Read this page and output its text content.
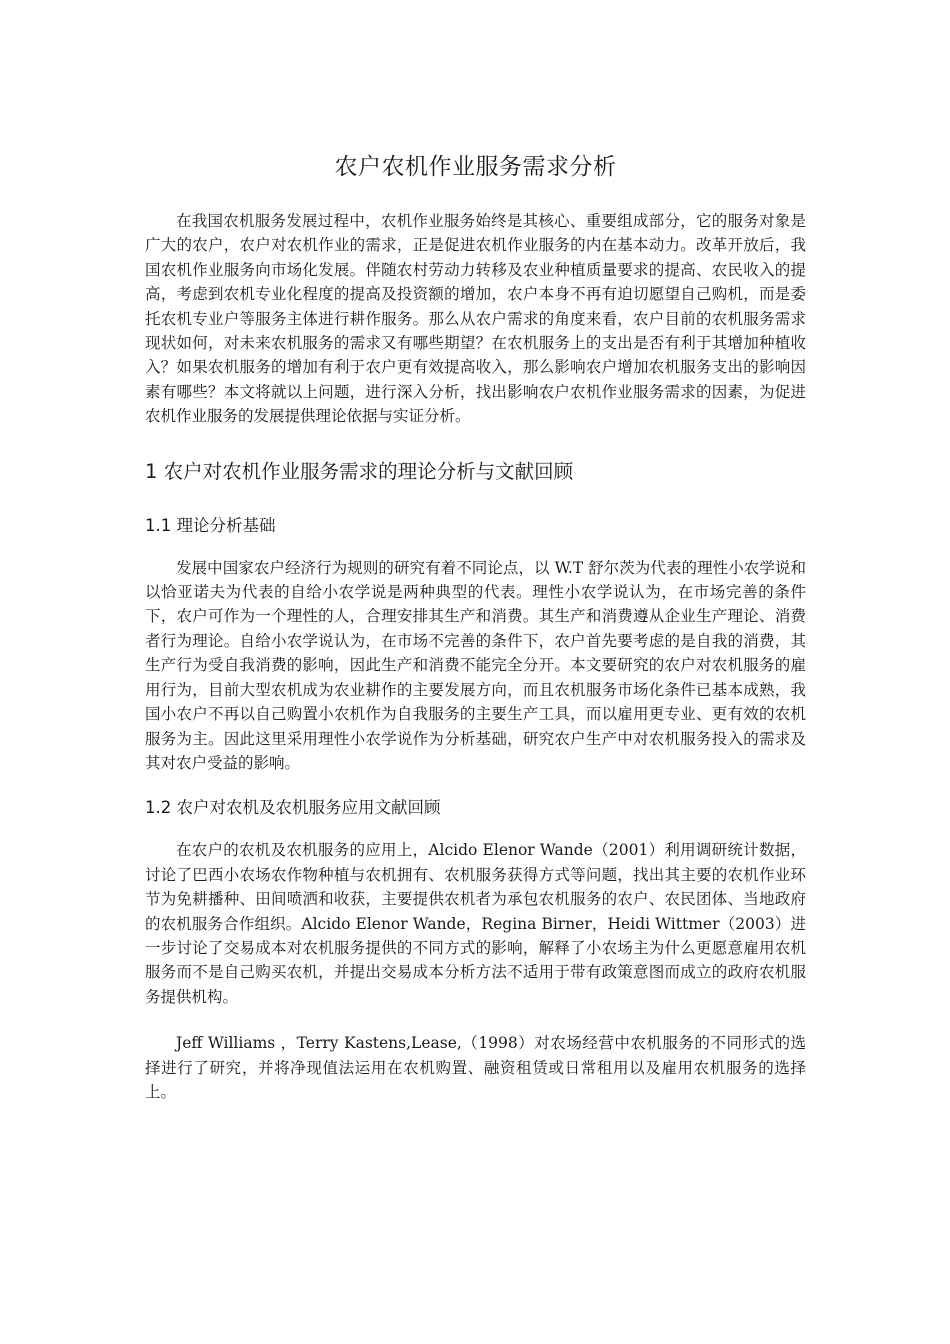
农户农机作业服务需求分析

在我国农机服务发展过程中，农机作业服务始终是其核心、重要组成部分，它的服务对象是广大的农户，农户对农机作业的需求，正是促进农机作业服务的内在基本动力。改革开放后，我国农机作业服务向市场化发展。伴随农村劳动力转移及农业种植质量要求的提高、农民收入的提高，考虑到农机专业化程度的提高及投资额的增加，农户本身不再有迫切愿望自己购机，而是委托农机专业户等服务主体进行耕作服务。那么从农户需求的角度来看，农户目前的农机服务需求现状如何，对未来农机服务的需求又有哪些期望？在农机服务上的支出是否有利于其增加种植收入？如果农机服务的增加有利于农户更有效提高收入，那么影响农户增加农机服务支出的影响因素有哪些？本文将就以上问题，进行深入分析，找出影响农户农机作业服务需求的因素，为促进农机作业服务的发展提供理论依据与实证分析。

1 农户对农机作业服务需求的理论分析与文献回顾
1.1 理论分析基础

发展中国家农户经济行为规则的研究有着不同论点，以 W.T 舒尔茨为代表的理性小农学说和以恰亚诺夫为代表的自给小农学说是两种典型的代表。理性小农学说认为，在市场完善的条件下，农户可作为一个理性的人，合理安排其生产和消费。其生产和消费遵从企业生产理论、消费者行为理论。自给小农学说认为，在市场不完善的条件下，农户首先要考虑的是自我的消费，其生产行为受自我消费的影响，因此生产和消费不能完全分开。本文要研究的农户对农机服务的雇用行为，目前大型农机成为农业耕作的主要发展方向，而且农机服务市场化条件已基本成熟，我国小农户不再以自己购置小农机作为自我服务的主要生产工具，而以雇用更专业、更有效的农机服务为主。因此这里采用理性小农学说作为分析基础，研究农户生产中对农机服务投入的需求及其对农户受益的影响。

1.2 农户对农机及农机服务应用文献回顾

在农户的农机及农机服务的应用上，Alcido Elenor Wande（2001）利用调研统计数据，讨论了巴西小农场农作物种植与农机拥有、农机服务获得方式等问题，找出其主要的农机作业环节为免耕播种、田间喷洒和收获，主要提供农机者为承包农机服务的农户、农民团体、当地政府的农机服务合作组织。Alcido Elenor Wande，Regina Birner，Heidi Wittmer（2003）进一步讨论了交易成本对农机服务提供的不同方式的影响，解释了小农场主为什么更愿意雇用农机服务而不是自己购买农机，并提出交易成本分析方法不适用于带有政策意图而成立的政府农机服务提供机构。

Jeff Williams ，Terry Kastens,Lease,（1998）对农场经营中农机服务的不同形式的选择进行了研究，并将净现值法运用在农机购置、融资租赁或日常租用以及雇用农机服务的选择上。
